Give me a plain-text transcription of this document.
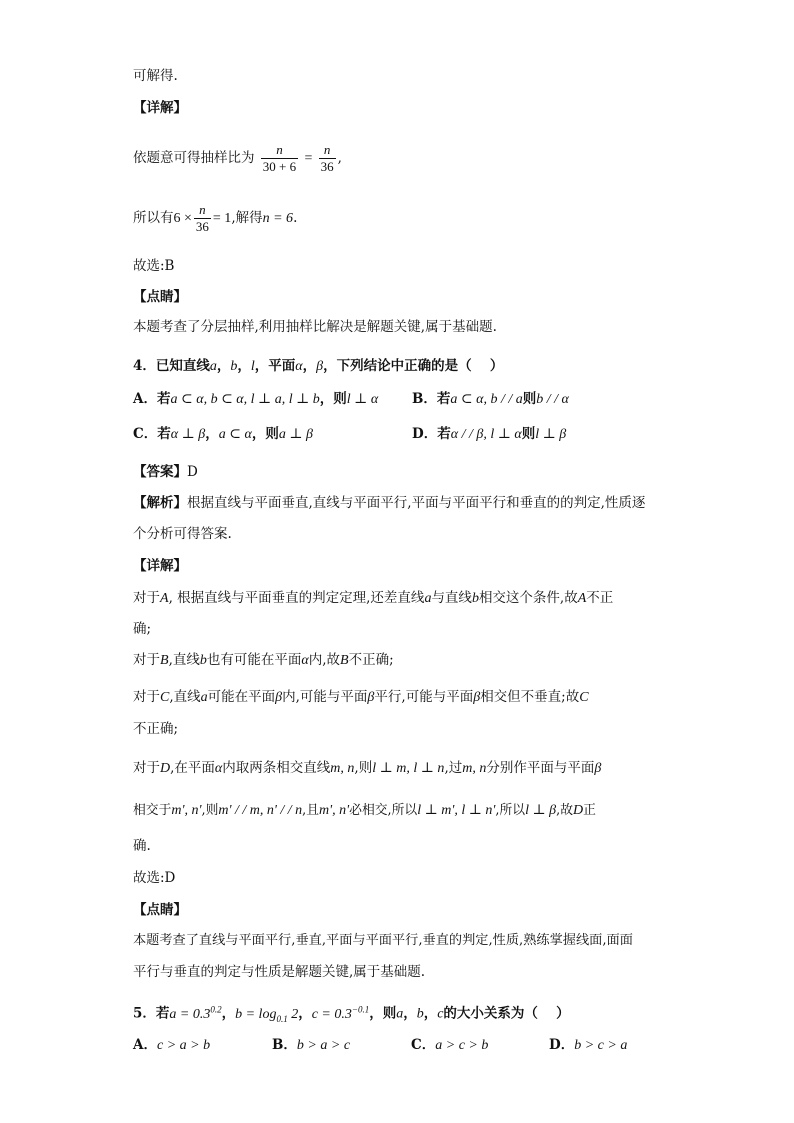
可解得.
【详解】
依题意可得抽样比为 $\frac{n}{30 + 6} = \frac{n}{36}$ ,
所以有$6 \times \frac{n}{36} = 1$,解得n = 6.
故选:B
【点睛】
本题考查了分层抽样,利用抽样比解决是解题关键,属于基础题.
4．已知直线a，b，l，平面α，β，下列结论中正确的是（　 ）
A．若a ⊂ α, b ⊂ α, l ⊥ a, l ⊥ b，则l ⊥ α	B．若a ⊂ α, b / / a则b / / α
C．若α ⊥ β，a ⊂ α，则a ⊥ β	D．若α / / β, l ⊥ α则l ⊥ β
【答案】D
【解析】根据直线与平面垂直,直线与平面平行,平面与平面平行和垂直的的判定,性质逐
个分析可得答案.
【详解】
对于A, 根据直线与平面垂直的判定定理,还差直线a与直线b相交这个条件,故A不正
确;
对于B,直线b也有可能在平面α内,故B不正确;
对于C,直线a可能在平面β内,可能与平面β平行,可能与平面β相交但不垂直;故C
不正确;
对于D,在平面α内取两条相交直线m, n,则l ⊥ m, l ⊥ n,过m, n分别作平面与平面β
相交于m', n',则m' / / m, n' / / n,且m', n'必相交,所以l ⊥ m', l ⊥ n',所以l ⊥ β,故D正
确.
故选:D
【点睛】
本题考查了直线与平面平行,垂直,平面与平面平行,垂直的判定,性质,熟练掌握线面,面面
平行与垂直的判定与性质是解题关键,属于基础题.
5．若$a = 0.3^{0.2}$，$b = \log_{0.1} 2$，$c = 0.3^{-0.1}$，则a，b，c的大小关系为（　 ）
A．c > a > b	B．b > a > c	C．a > c > b	D．b > c > a
